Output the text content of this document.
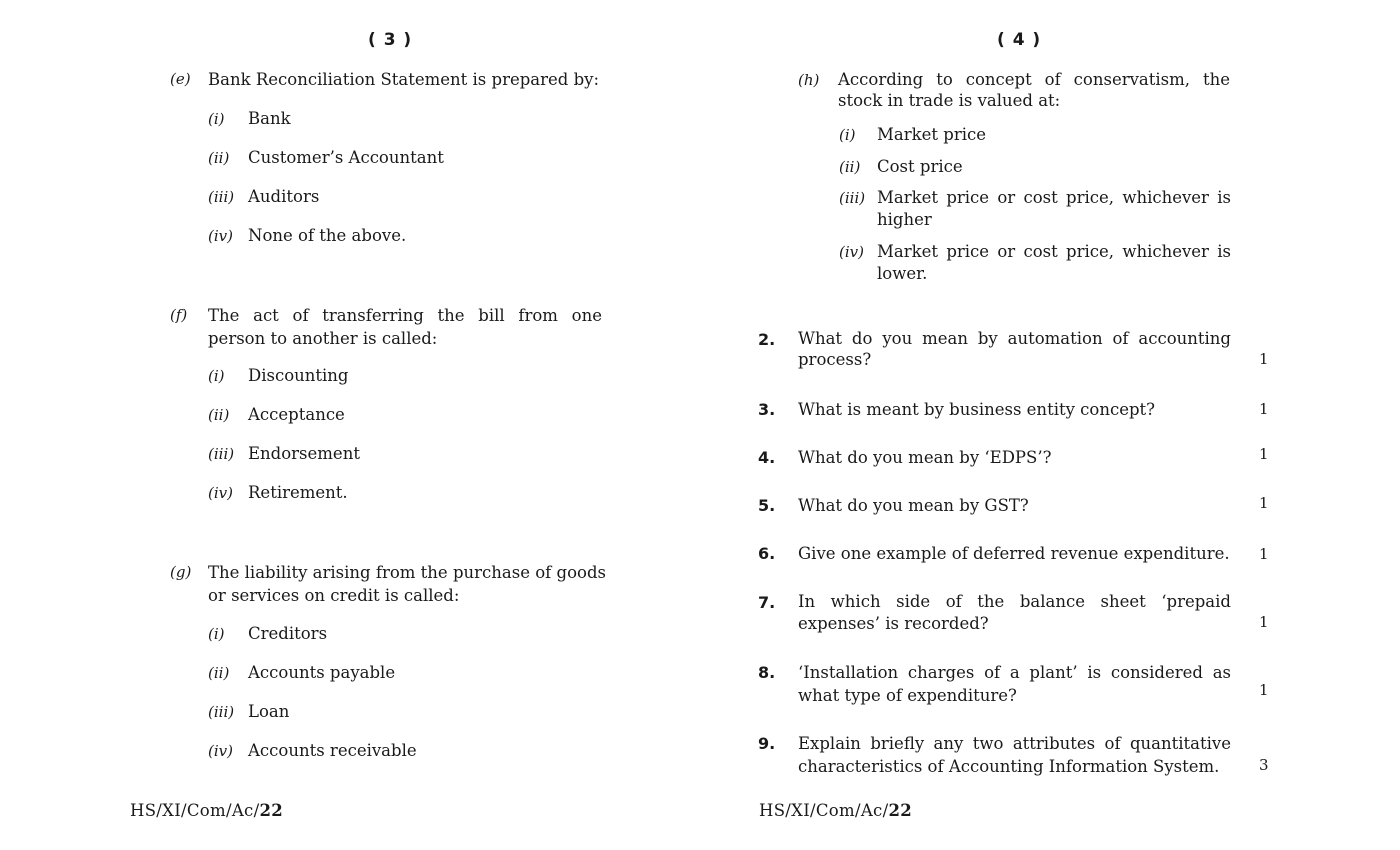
( 3 )
(e) Bank Reconciliation Statement is prepared by:
(i) Bank
(ii) Customer’s Accountant
(iii) Auditors
(iv) None of the above.
(f) The act of transferring the bill from one person to another is called:
(i) Discounting
(ii) Acceptance
(iii) Endorsement
(iv) Retirement.
(g) The liability arising from the purchase of goods or services on credit is called:
(i) Creditors
(ii) Accounts payable
(iii) Loan
(iv) Accounts receivable
HS/XI/Com/Ac/22
( 4 )
(h) According to concept of conservatism, the stock in trade is valued at:
(i) Market price
(ii) Cost price
(iii) Market price or cost price, whichever is higher
(iv) Market price or cost price, whichever is lower.
2. What do you mean by automation of accounting process?	1
3. What is meant by business entity concept?	1
4. What do you mean by ‘EDPS’?	1
5. What do you mean by GST?	1
6. Give one example of deferred revenue expenditure. 1
7. In which side of the balance sheet ‘prepaid expenses’ is recorded?	1
8. ‘Installation charges of a plant’ is considered as what type of expenditure?	1
9. Explain briefly any two attributes of quantitative characteristics of Accounting Information System.	3
HS/XI/Com/Ac/22
